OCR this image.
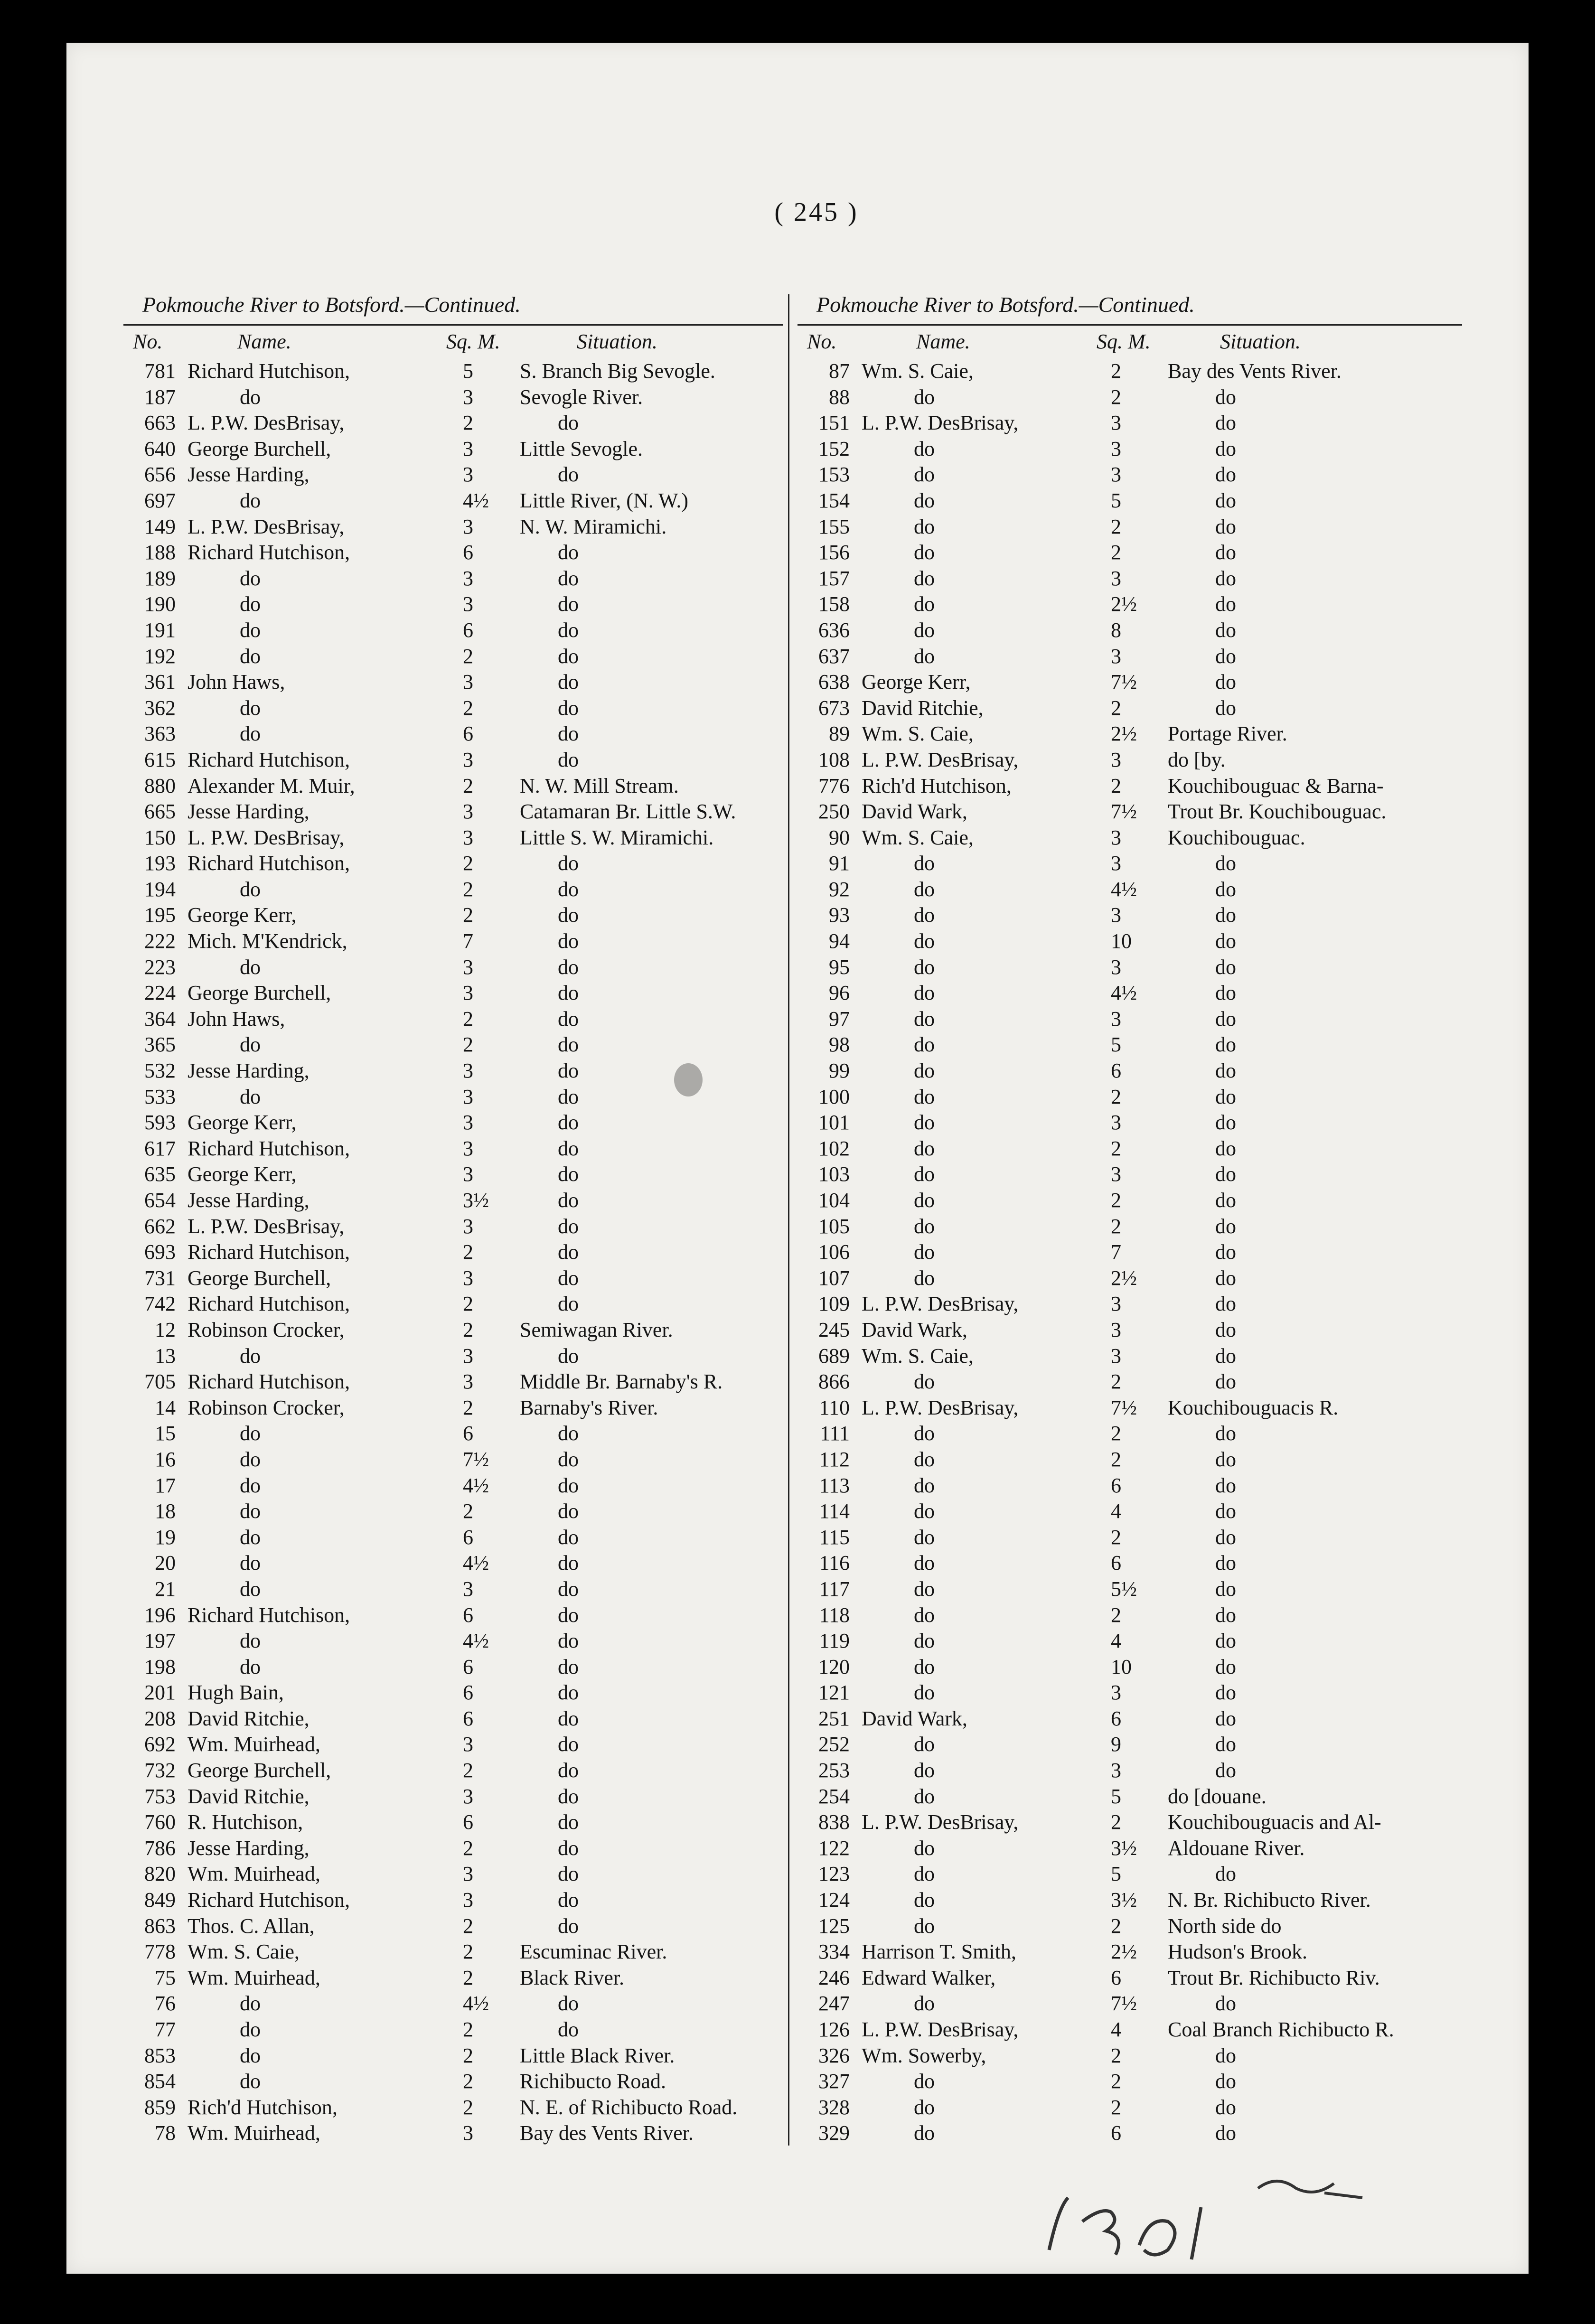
( 245 )
Pokmouche River to Botsford.—Continued.
No.	Name.	Sq. M.	Situation.
781 Richard Hutchison,	5 S. Branch Big Sevogle.
187	do	3 Sevogle River.
663 L. P.W. DesBrisay,	2	do
640 George Burchell,	3 Little Sevogle.
656 Jesse Harding,	3	do
697	do	4½ Little River, (N. W.)
149 L. P.W. DesBrisay,	3 N. W. Miramichi.
188 Richard Hutchison,	6	do
189	do	3	do
190	do	3	do
191	do	6	do
192	do	2	do
361 John Haws,	3	do
362	do	2	do
363	do	6	do
615 Richard Hutchison,	3	do
880 Alexander M. Muir,	2 N. W. Mill Stream.
665 Jesse Harding,	3 Catamaran Br. Little S.W.
150 L. P.W. DesBrisay,	3 Little S. W. Miramichi.
193 Richard Hutchison,	2	do
194	do	2	do
195 George Kerr,	2	do
222 Mich. M'Kendrick,	7	do
223	do	3	do
224 George Burchell,	3	do
364 John Haws,	2	do
365	do	2	do
532 Jesse Harding,	3	do
533	do	3	do
593 George Kerr,	3	do
617 Richard Hutchison,	3	do
635 George Kerr,	3	do
654 Jesse Harding,	3½	do
662 L. P.W. DesBrisay,	3	do
693 Richard Hutchison,	2	do
731 George Burchell,	3	do
742 Richard Hutchison,	2	do
12 Robinson Crocker,	2 Semiwagan River.
13	do	3	do
705 Richard Hutchison,	3 Middle Br. Barnaby's R.
14 Robinson Crocker,	2 Barnaby's River.
15	do	6	do
16	do	7½	do
17	do	4½	do
18	do	2	do
19	do	6	do
20	do	4½	do
21	do	3	do
196 Richard Hutchison,	6	do
197	do	4½	do
198	do	6	do
201 Hugh Bain,	6	do
208 David Ritchie,	6	do
692 Wm. Muirhead,	3	do
732 George Burchell,	2	do
753 David Ritchie,	3	do
760 R. Hutchison,	6	do
786 Jesse Harding,	2	do
820 Wm. Muirhead,	3	do
849 Richard Hutchison,	3	do
863 Thos. C. Allan,	2	do
778 Wm. S. Caie,	2 Escuminac River.
75 Wm. Muirhead,	2 Black River.
76	do	4½	do
77	do	2	do
853	do	2 Little Black River.
854	do	2 Richibucto Road.
859 Rich'd Hutchison,	2 N. E. of Richibucto Road.
78 Wm. Muirhead,	3 Bay des Vents River.
Pokmouche River to Botsford.—Continued.
No.	Name.	Sq. M.	Situation.
87 Wm. S. Caie,	2 Bay des Vents River.
88	do	2	do
151 L. P.W. DesBrisay,	3	do
152	do	3	do
153	do	3	do
154	do	5	do
155	do	2	do
156	do	2	do
157	do	3	do
158	do	2½	do
636	do	8	do
637	do	3	do
638 George Kerr,	7½	do
673 David Ritchie,	2	do
89 Wm. S. Caie,	2½ Portage River.
108 L. P.W. DesBrisay,	3 do [by.
776 Rich'd Hutchison,	2 Kouchibouguac & Barna-
250 David Wark,	7½ Trout Br. Kouchibouguac.
90 Wm. S. Caie,	3 Kouchibouguac.
91	do	3	do
92	do	4½	do
93	do	3	do
94	do	10	do
95	do	3	do
96	do	4½	do
97	do	3	do
98	do	5	do
99	do	6	do
100	do	2	do
101	do	3	do
102	do	2	do
103	do	3	do
104	do	2	do
105	do	2	do
106	do	7	do
107	do	2½	do
109 L. P.W. DesBrisay,	3	do
245 David Wark,	3	do
689 Wm. S. Caie,	3	do
866	do	2	do
110 L. P.W. DesBrisay,	7½ Kouchibouguacis R.
111	do	2	do
112	do	2	do
113	do	6	do
114	do	4	do
115	do	2	do
116	do	6	do
117	do	5½	do
118	do	2	do
119	do	4	do
120	do	10	do
121	do	3	do
251 David Wark,	6	do
252	do	9	do
253	do	3	do
254	do	5 do [douane.
838 L. P.W. DesBrisay,	2 Kouchibouguacis and Al-
122	do	3½ Aldouane River.
123	do	5	do
124	do	3½ N. Br. Richibucto River.
125	do	2 North side do
334 Harrison T. Smith,	2½ Hudson's Brook.
246 Edward Walker,	6 Trout Br. Richibucto Riv.
247	do	7½	do
126 L. P.W. DesBrisay,	4 Coal Branch Richibucto R.
326 Wm. Sowerby,	2	do
327	do	2	do
328	do	2	do
329	do	6	do
